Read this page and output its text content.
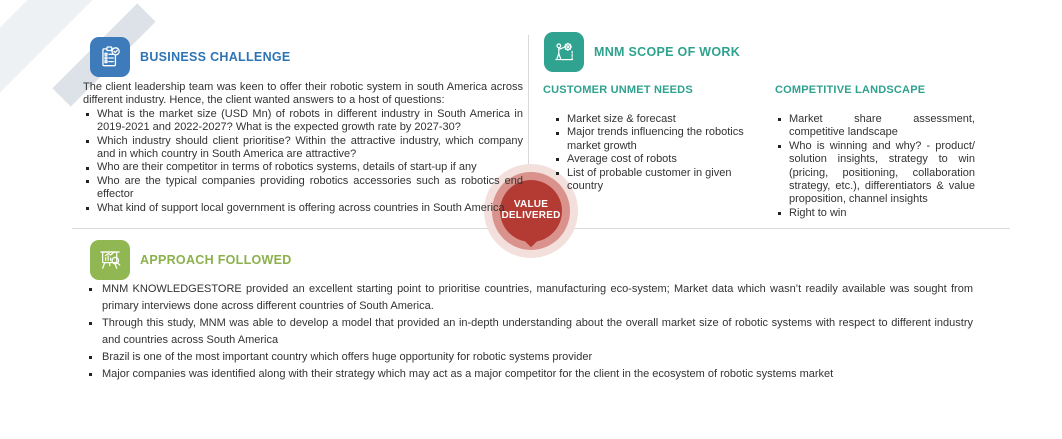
BUSINESS CHALLENGE
The client leadership team was keen to offer their robotic system in south America across different industry. Hence, the client wanted answers to a host of questions:
What is the market size (USD Mn) of robots in different industry in South America in 2019-2021 and 2022-2027? What is the expected growth rate by 2027-30?
Which industry should client prioritise? Within the attractive industry, which company and in which country in South America are attractive?
Who are their competitor in terms of robotics systems, details of start-up if any
Who are the typical companies providing robotics accessories such as robotics end effector
What kind of support local government is offering across countries in South America
MNM SCOPE OF WORK
CUSTOMER UNMET NEEDS
Market size & forecast
Major trends influencing the robotics market growth
Average cost of robots
List of probable customer in given country
COMPETITIVE LANDSCAPE
Market share assessment, competitive landscape
Who is winning and why? - product/ solution insights, strategy to win (pricing, positioning, collaboration strategy, etc.), differentiators & value proposition, channel insights
Right to win
VALUE
DELIVERED
APPROACH FOLLOWED
MNM KNOWLEDGESTORE provided an excellent starting point to prioritise countries, manufacturing eco-system; Market data which wasn’t readily available was sought from primary interviews done across different countries of South America.
Through this study, MNM was able to develop a model that provided an in-depth understanding about the overall market size of robotic systems with respect to different industry and countries across South America
Brazil is one of the most important country which offers huge opportunity for robotic systems provider
Major companies was identified along with their strategy which may act as a major competitor for the client in the ecosystem of robotic systems market
